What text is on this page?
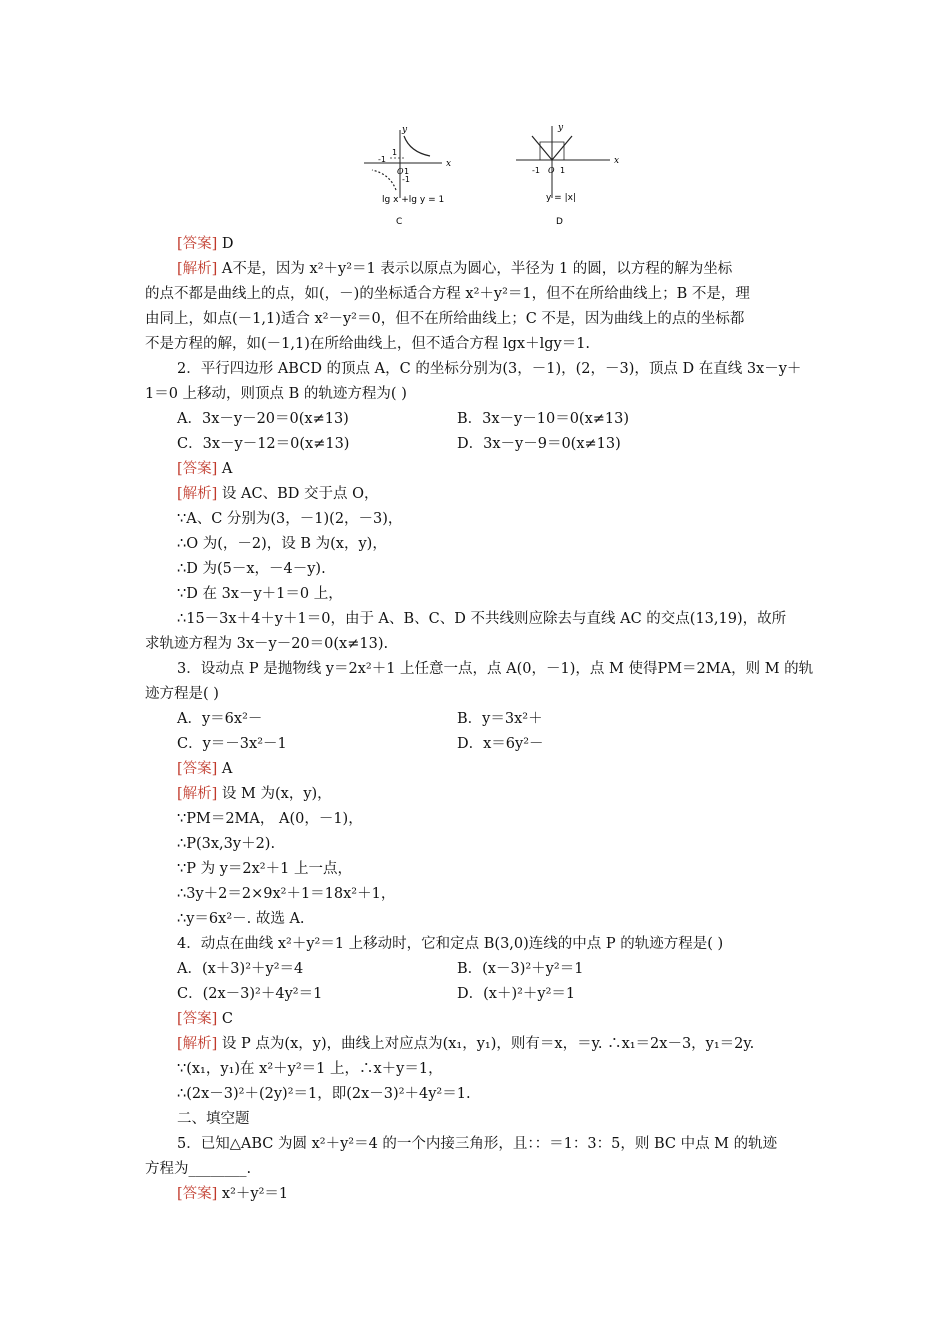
y
x
-1
1
O 1
-1
lg x +lg y = 1
C
y
x
-1 O 1
y = |x|
D
[答案] D
[解析] A不是，因为 x²＋y²＝1 表示以原点为圆心，半径为 1 的圆，以方程的解为坐标
的点不都是曲线上的点，如(，－)的坐标适合方程 x²＋y²＝1，但不在所给曲线上；B 不是，理
由同上，如点(－1,1)适合 x²－y²＝0，但不在所给曲线上；C 不是，因为曲线上的点的坐标都
不是方程的解，如(－1,1)在所给曲线上，但不适合方程 lgx＋lgy＝1.
2．平行四边形 ABCD 的顶点 A，C 的坐标分别为(3，－1)，(2，－3)，顶点 D 在直线 3x－y＋
1＝0 上移动，则顶点 B 的轨迹方程为( )
A．3x－y－20＝0(x≠13)	B．3x－y－10＝0(x≠13)
C．3x－y－12＝0(x≠13)	D．3x－y－9＝0(x≠13)
[答案] A
[解析] 设 AC、BD 交于点 O，
∵A、C 分别为(3，－1)(2，－3)，
∴O 为(，－2)，设 B 为(x，y)，
∴D 为(5－x，－4－y).
∵D 在 3x－y＋1＝0 上，
∴15－3x＋4＋y＋1＝0，由于 A、B、C、D 不共线则应除去与直线 AC 的交点(13,19)，故所
求轨迹方程为 3x－y－20＝0(x≠13).
3．设动点 P 是抛物线 y＝2x²＋1 上任意一点，点 A(0，－1)，点 M 使得PM＝2MA，则 M 的轨
迹方程是( )
A．y＝6x²－	B．y＝3x²＋
C．y＝－3x²－1	D．x＝6y²－
[答案] A
[解析] 设 M 为(x，y)，
∵PM＝2MA， A(0，－1)，
∴P(3x,3y＋2).
∵P 为 y＝2x²＋1 上一点，
∴3y＋2＝2×9x²＋1＝18x²＋1，
∴y＝6x²－. 故选 A.
4．动点在曲线 x²＋y²＝1 上移动时，它和定点 B(3,0)连线的中点 P 的轨迹方程是( )
A．(x＋3)²＋y²＝4	B．(x－3)²＋y²＝1
C．(2x－3)²＋4y²＝1	D．(x＋)²＋y²＝1
[答案] C
[解析] 设 P 点为(x，y)，曲线上对应点为(x₁，y₁)，则有＝x，＝y. ∴x₁＝2x－3，y₁＝2y.
∵(x₁，y₁)在 x²＋y²＝1 上，∴x＋y＝1，
∴(2x－3)²＋(2y)²＝1，即(2x－3)²＋4y²＝1.
二、填空题
5．已知△ABC 为圆 x²＋y²＝4 的一个内接三角形，且：：＝1：3：5，则 BC 中点 M 的轨迹
方程为________.
[答案] x²＋y²＝1
